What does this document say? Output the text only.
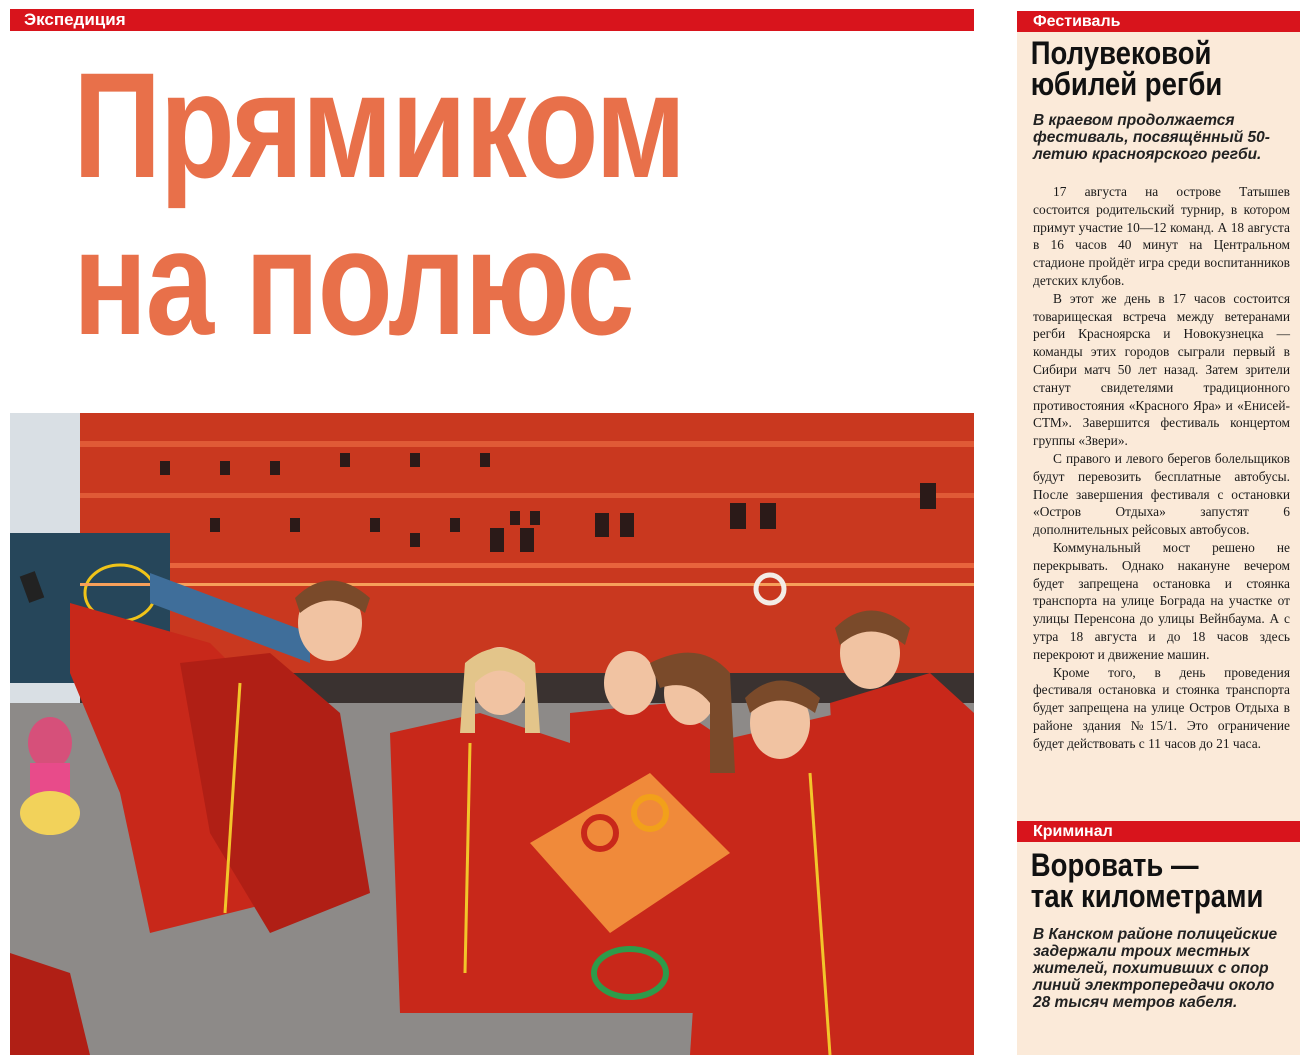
Экспедиция
Прямиком
на полюс
Фестиваль
Полувековой
юбилей регби

В краевом продолжается фестиваль, посвящённый 50-летию красноярского регби.

17 августа на острове Татышев состоится родительский турнир, в котором примут участие 10—12 команд. А 18 августа в 16 часов 40 минут на Центральном стадионе пройдёт игра среди воспитанников детских клубов.

В этот же день в 17 часов состоится товарищеская встреча между ветеранами регби Красноярска и Новокузнецка — команды этих городов сыграли первый в Сибири матч 50 лет назад. Затем зрители станут свидетелями традиционного противостояния «Красного Яра» и «Енисей-СТМ». Завершится фестиваль концертом группы «Звери».

С правого и левого берегов болельщиков будут перевозить бесплатные автобусы. После завершения фестиваля с остановки «Остров Отдыха» запустят 6 дополнительных рейсовых автобусов.

Коммунальный мост решено не перекрывать. Однако накануне вечером будет запрещена остановка и стоянка транспорта на улице Бограда на участке от улицы Перенсона до улицы Вейнбаума. А с утра 18 августа и до 18 часов здесь перекроют и движение машин.

Кроме того, в день проведения фестиваля остановка и стоянка транспорта будет запрещена на улице Остров Отдыха в районе здания №15/1. Это ограничение будет действовать с 11 часов до 21 часа.

Криминал
Воровать —
так километрами

В Канском районе полицейские задержали троих местных жителей, похитивших с опор линий электропередачи около 28 тысяч метров кабеля.
